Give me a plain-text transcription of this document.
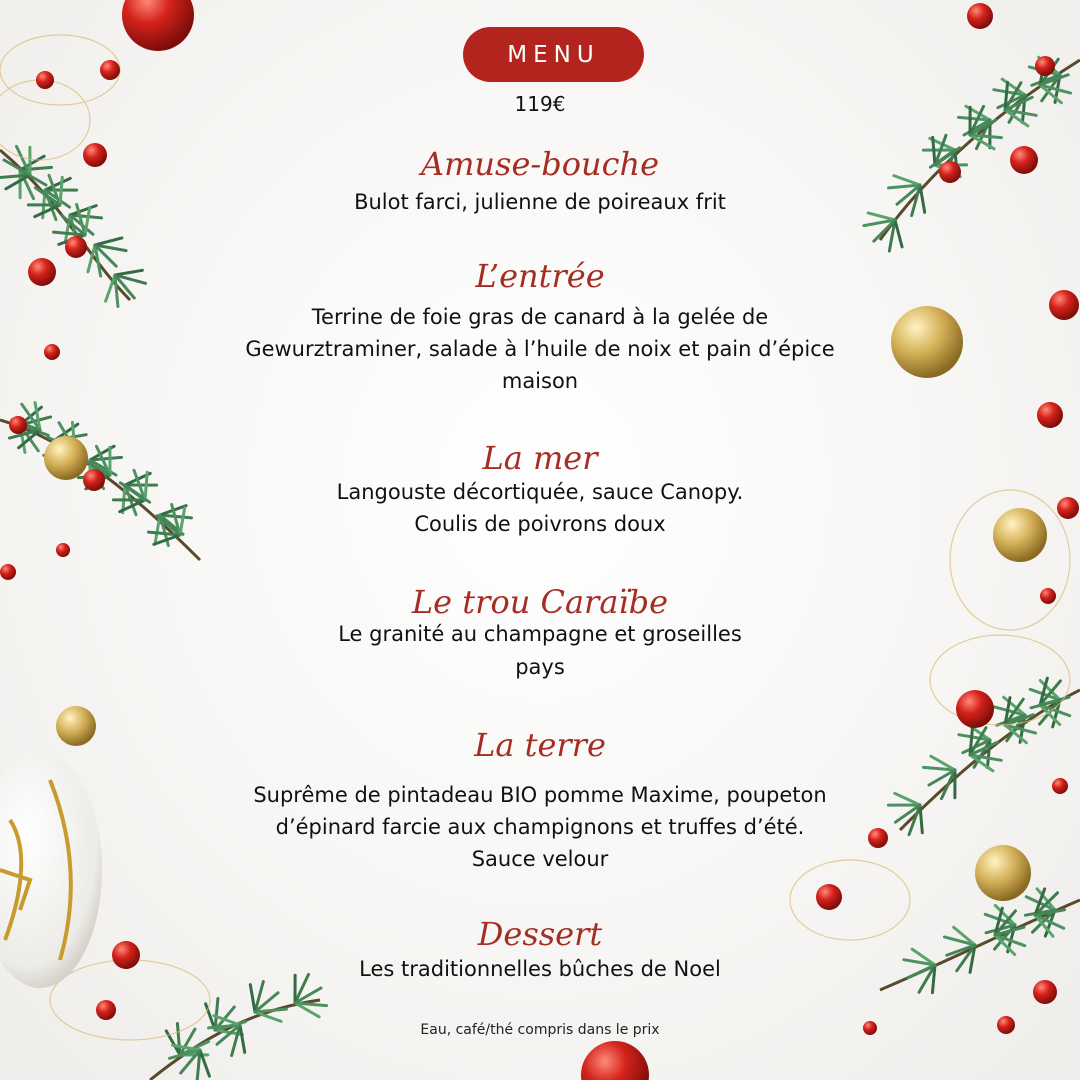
MENU
119€
Amuse-bouche
Bulot farci, julienne de poireaux frit
L’entrée
Terrine de foie gras de canard à la gelée de
Gewurztraminer, salade à l’huile de noix et pain d’épice
maison
La mer
Langouste décortiquée, sauce Canopy.
Coulis de poivrons doux
Le trou Caraïbe
Le granité au champagne et groseilles
pays
La terre
Suprême de pintadeau BIO pomme Maxime, poupeton
d’épinard farcie aux champignons et truffes d’été.
Sauce velour
Dessert
Les traditionnelles bûches de Noel
Eau, café/thé compris dans le prix
